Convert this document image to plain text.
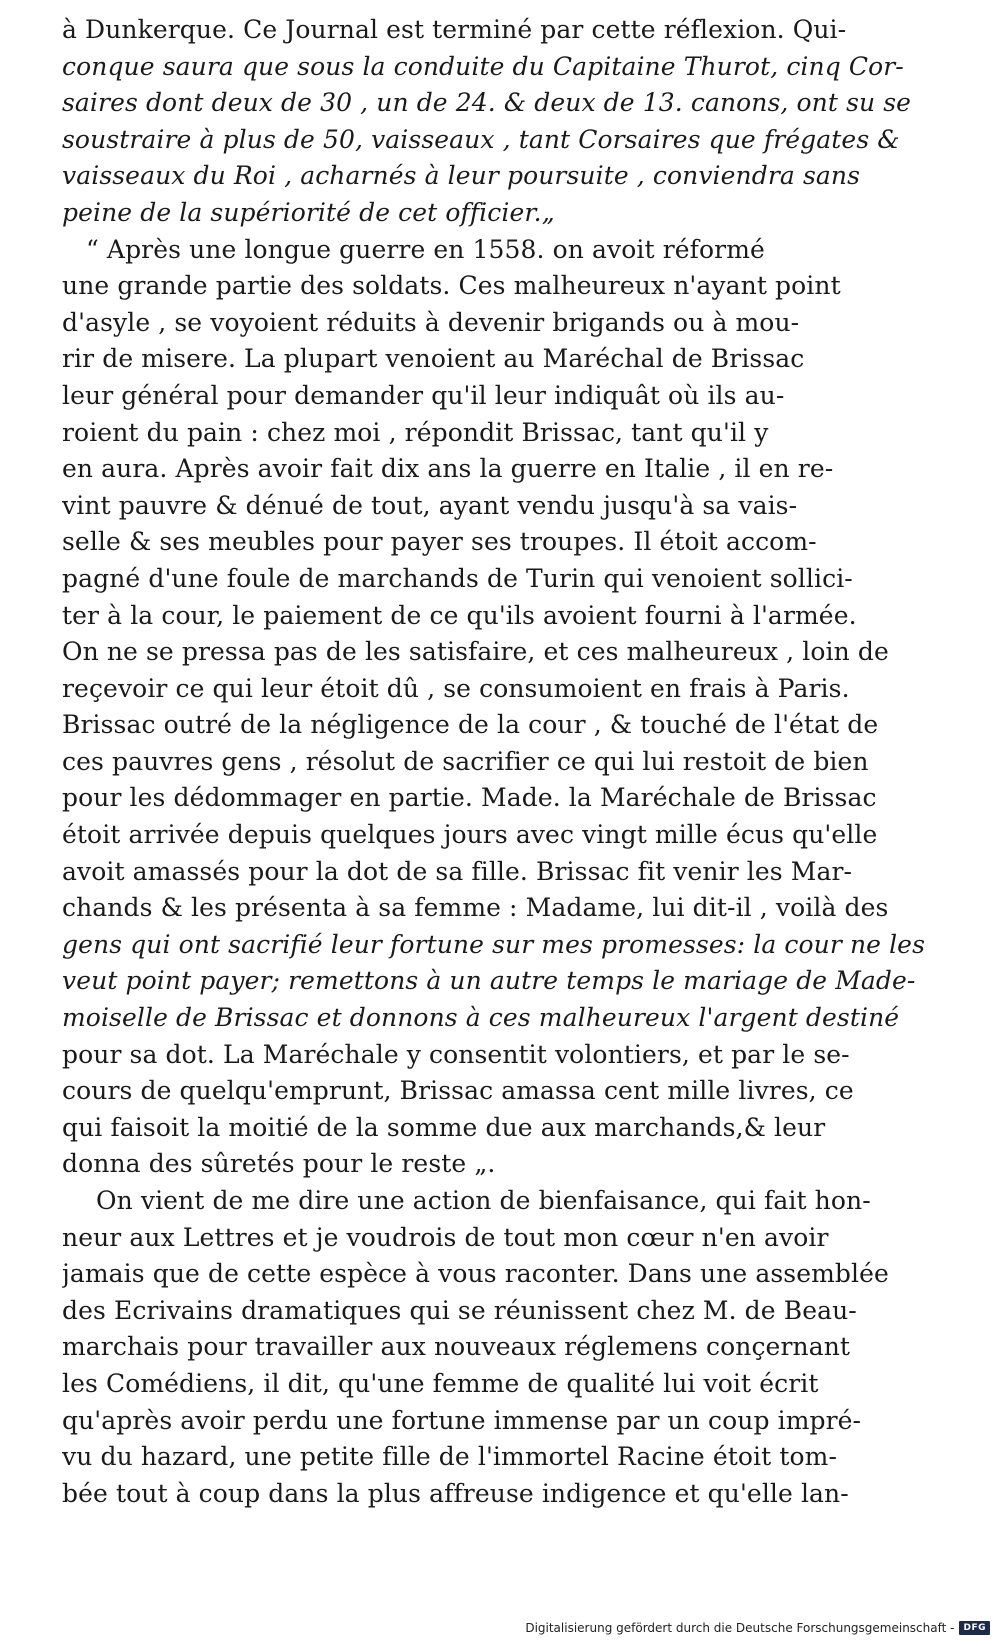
à Dunkerque. Ce Journal est terminé par cette réflexion. Qui-
conque saura que sous la conduite du Capitaine Thurot, cinq Cor-
saires dont deux de 30 , un de 24. & deux de 13. canons, ont su se
soustraire à plus de 50, vaisseaux , tant Corsaires que frégates &
vaisseaux du Roi , acharnés à leur poursuite , conviendra sans
peine de la supériorité de cet officier.„
“ Après une longue guerre en 1558. on avoit réformé
une grande partie des soldats. Ces malheureux n'ayant point
d'asyle , se voyoient réduits à devenir brigands ou à mou-
rir de misere. La plupart venoient au Maréchal de Brissac
leur général pour demander qu'il leur indiquât où ils au-
roient du pain : chez moi , répondit Brissac, tant qu'il y
en aura. Après avoir fait dix ans la guerre en Italie , il en re-
vint pauvre & dénué de tout, ayant vendu jusqu'à sa vais-
selle & ses meubles pour payer ses troupes. Il étoit accom-
pagné d'une foule de marchands de Turin qui venoient sollici-
ter à la cour, le paiement de ce qu'ils avoient fourni à l'armée.
On ne se pressa pas de les satisfaire, et ces malheureux , loin de
reçevoir ce qui leur étoit dû , se consumoient en frais à Paris.
Brissac outré de la négligence de la cour , & touché de l'état de
ces pauvres gens , résolut de sacrifier ce qui lui restoit de bien
pour les dédommager en partie. Made. la Maréchale de Brissac
étoit arrivée depuis quelques jours avec vingt mille écus qu'elle
avoit amassés pour la dot de sa fille. Brissac fit venir les Mar-
chands & les présenta à sa femme : Madame, lui dit-il , voilà des
gens qui ont sacrifié leur fortune sur mes promesses: la cour ne les
veut point payer; remettons à un autre temps le mariage de Made-
moiselle de Brissac et donnons à ces malheureux l'argent destiné
pour sa dot. La Maréchale y consentit volontiers, et par le se-
cours de quelqu'emprunt, Brissac amassa cent mille livres, ce
qui faisoit la moitié de la somme due aux marchands,& leur
donna des sûretés pour le reste „.
On vient de me dire une action de bienfaisance, qui fait hon-
neur aux Lettres et je voudrois de tout mon cœur n'en avoir
jamais que de cette espèce à vous raconter. Dans une assemblée
des Ecrivains dramatiques qui se réunissent chez M. de Beau-
marchais pour travailler aux nouveaux réglemens conçernant
les Comédiens, il dit, qu'une femme de qualité lui voit écrit
qu'après avoir perdu une fortune immense par un coup impré-
vu du hazard, une petite fille de l'immortel Racine étoit tom-
bée tout à coup dans la plus affreuse indigence et qu'elle lan-
Digitalisierung gefördert durch die Deutsche Forschungsgemeinschaft -	DFG
